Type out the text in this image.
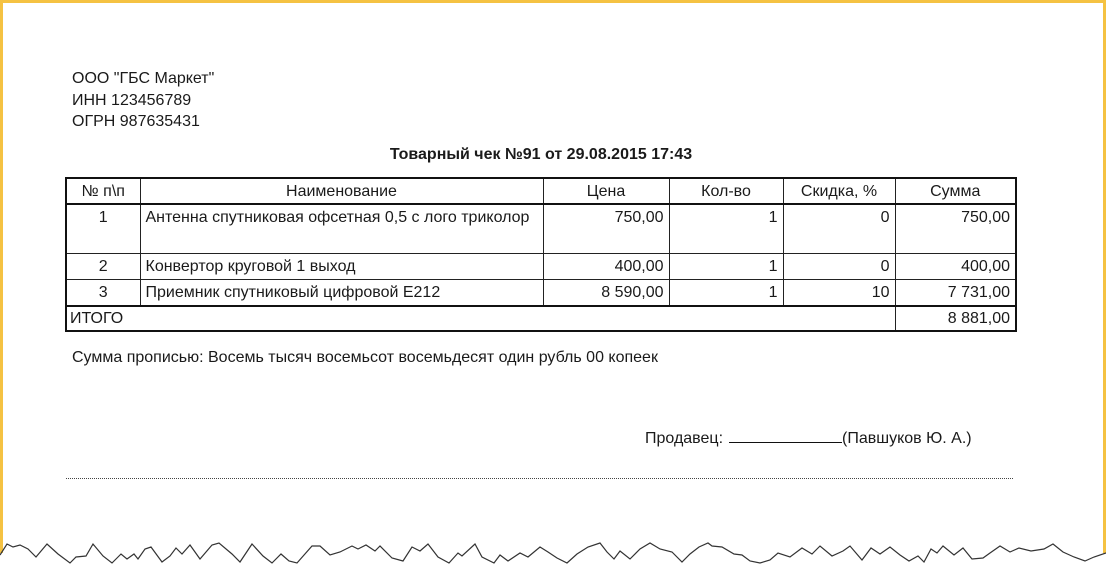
ООО "ГБС Маркет"
ИНН 123456789
ОГРН 987635431
Товарный чек №91 от 29.08.2015 17:43
№ п\п	Наименование	Цена	Кол-во	Скидка, %	Сумма
1	Антенна спутниковая офсетная 0,5 с лого триколор	750,00	1	0	750,00
2	Конвертор круговой 1 выход	400,00	1	0	400,00
3	Приемник спутниковый цифровой Е212	8 590,00	1	10	7 731,00
ИТОГО					8 881,00
Сумма прописью: Восемь тысяч восемьсот восемьдесят один рубль 00 копеек
Продавец:	(Павшуков Ю. А.)
